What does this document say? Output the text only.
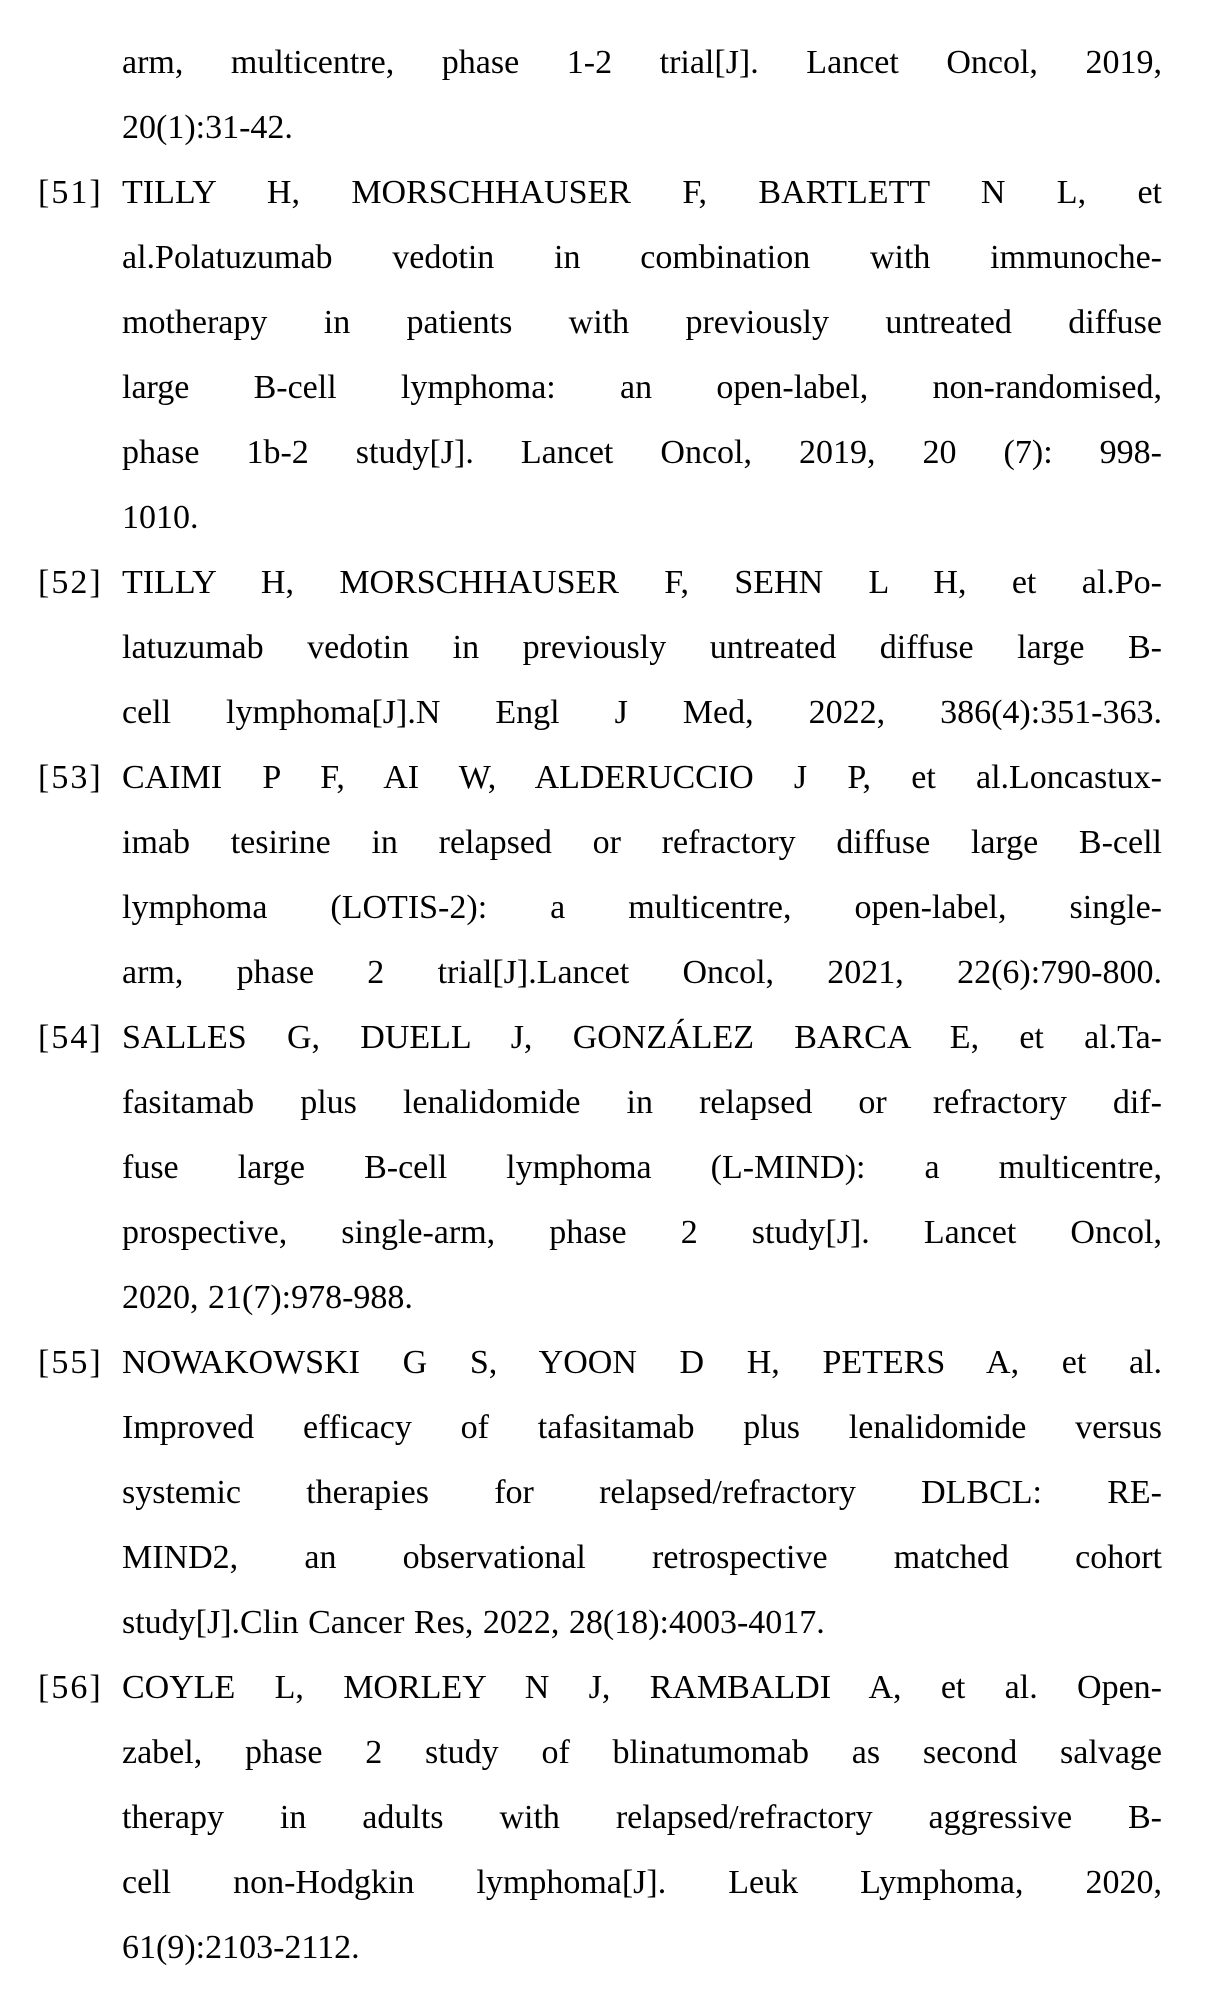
arm, multicentre, phase 1-2 trial[J]. Lancet Oncol, 2019,
20(1):31-42.
[51] TILLY H, MORSCHHAUSER F, BARTLETT N L, et
al.Polatuzumab vedotin in combination with immunoche-
motherapy in patients with previously untreated diffuse
large B-cell lymphoma: an open-label, non-randomised,
phase 1b-2 study[J]. Lancet Oncol, 2019, 20 (7): 998-
1010.
[52] TILLY H, MORSCHHAUSER F, SEHN L H, et al.Po-
latuzumab vedotin in previously untreated diffuse large B-
cell lymphoma[J].N Engl J Med, 2022, 386(4):351-363.
[53] CAIMI P F, AI W, ALDERUCCIO J P, et al.Loncastux-
imab tesirine in relapsed or refractory diffuse large B-cell
lymphoma (LOTIS-2): a multicentre, open-label, single-
arm, phase 2 trial[J].Lancet Oncol, 2021, 22(6):790-800.
[54] SALLES G, DUELL J, GONZÁLEZ BARCA E, et al.Ta-
fasitamab plus lenalidomide in relapsed or refractory dif-
fuse large B-cell lymphoma (L-MIND): a multicentre,
prospective, single-arm, phase 2 study[J]. Lancet Oncol,
2020, 21(7):978-988.
[55] NOWAKOWSKI G S, YOON D H, PETERS A, et al.
Improved efficacy of tafasitamab plus lenalidomide versus
systemic therapies for relapsed/refractory DLBCL: RE-
MIND2, an observational retrospective matched cohort
study[J].Clin Cancer Res, 2022, 28(18):4003-4017.
[56] COYLE L, MORLEY N J, RAMBALDI A, et al. Open-
zabel, phase 2 study of blinatumomab as second salvage
therapy in adults with relapsed/refractory aggressive B-
cell non-Hodgkin lymphoma[J]. Leuk Lymphoma, 2020,
61(9):2103-2112.
